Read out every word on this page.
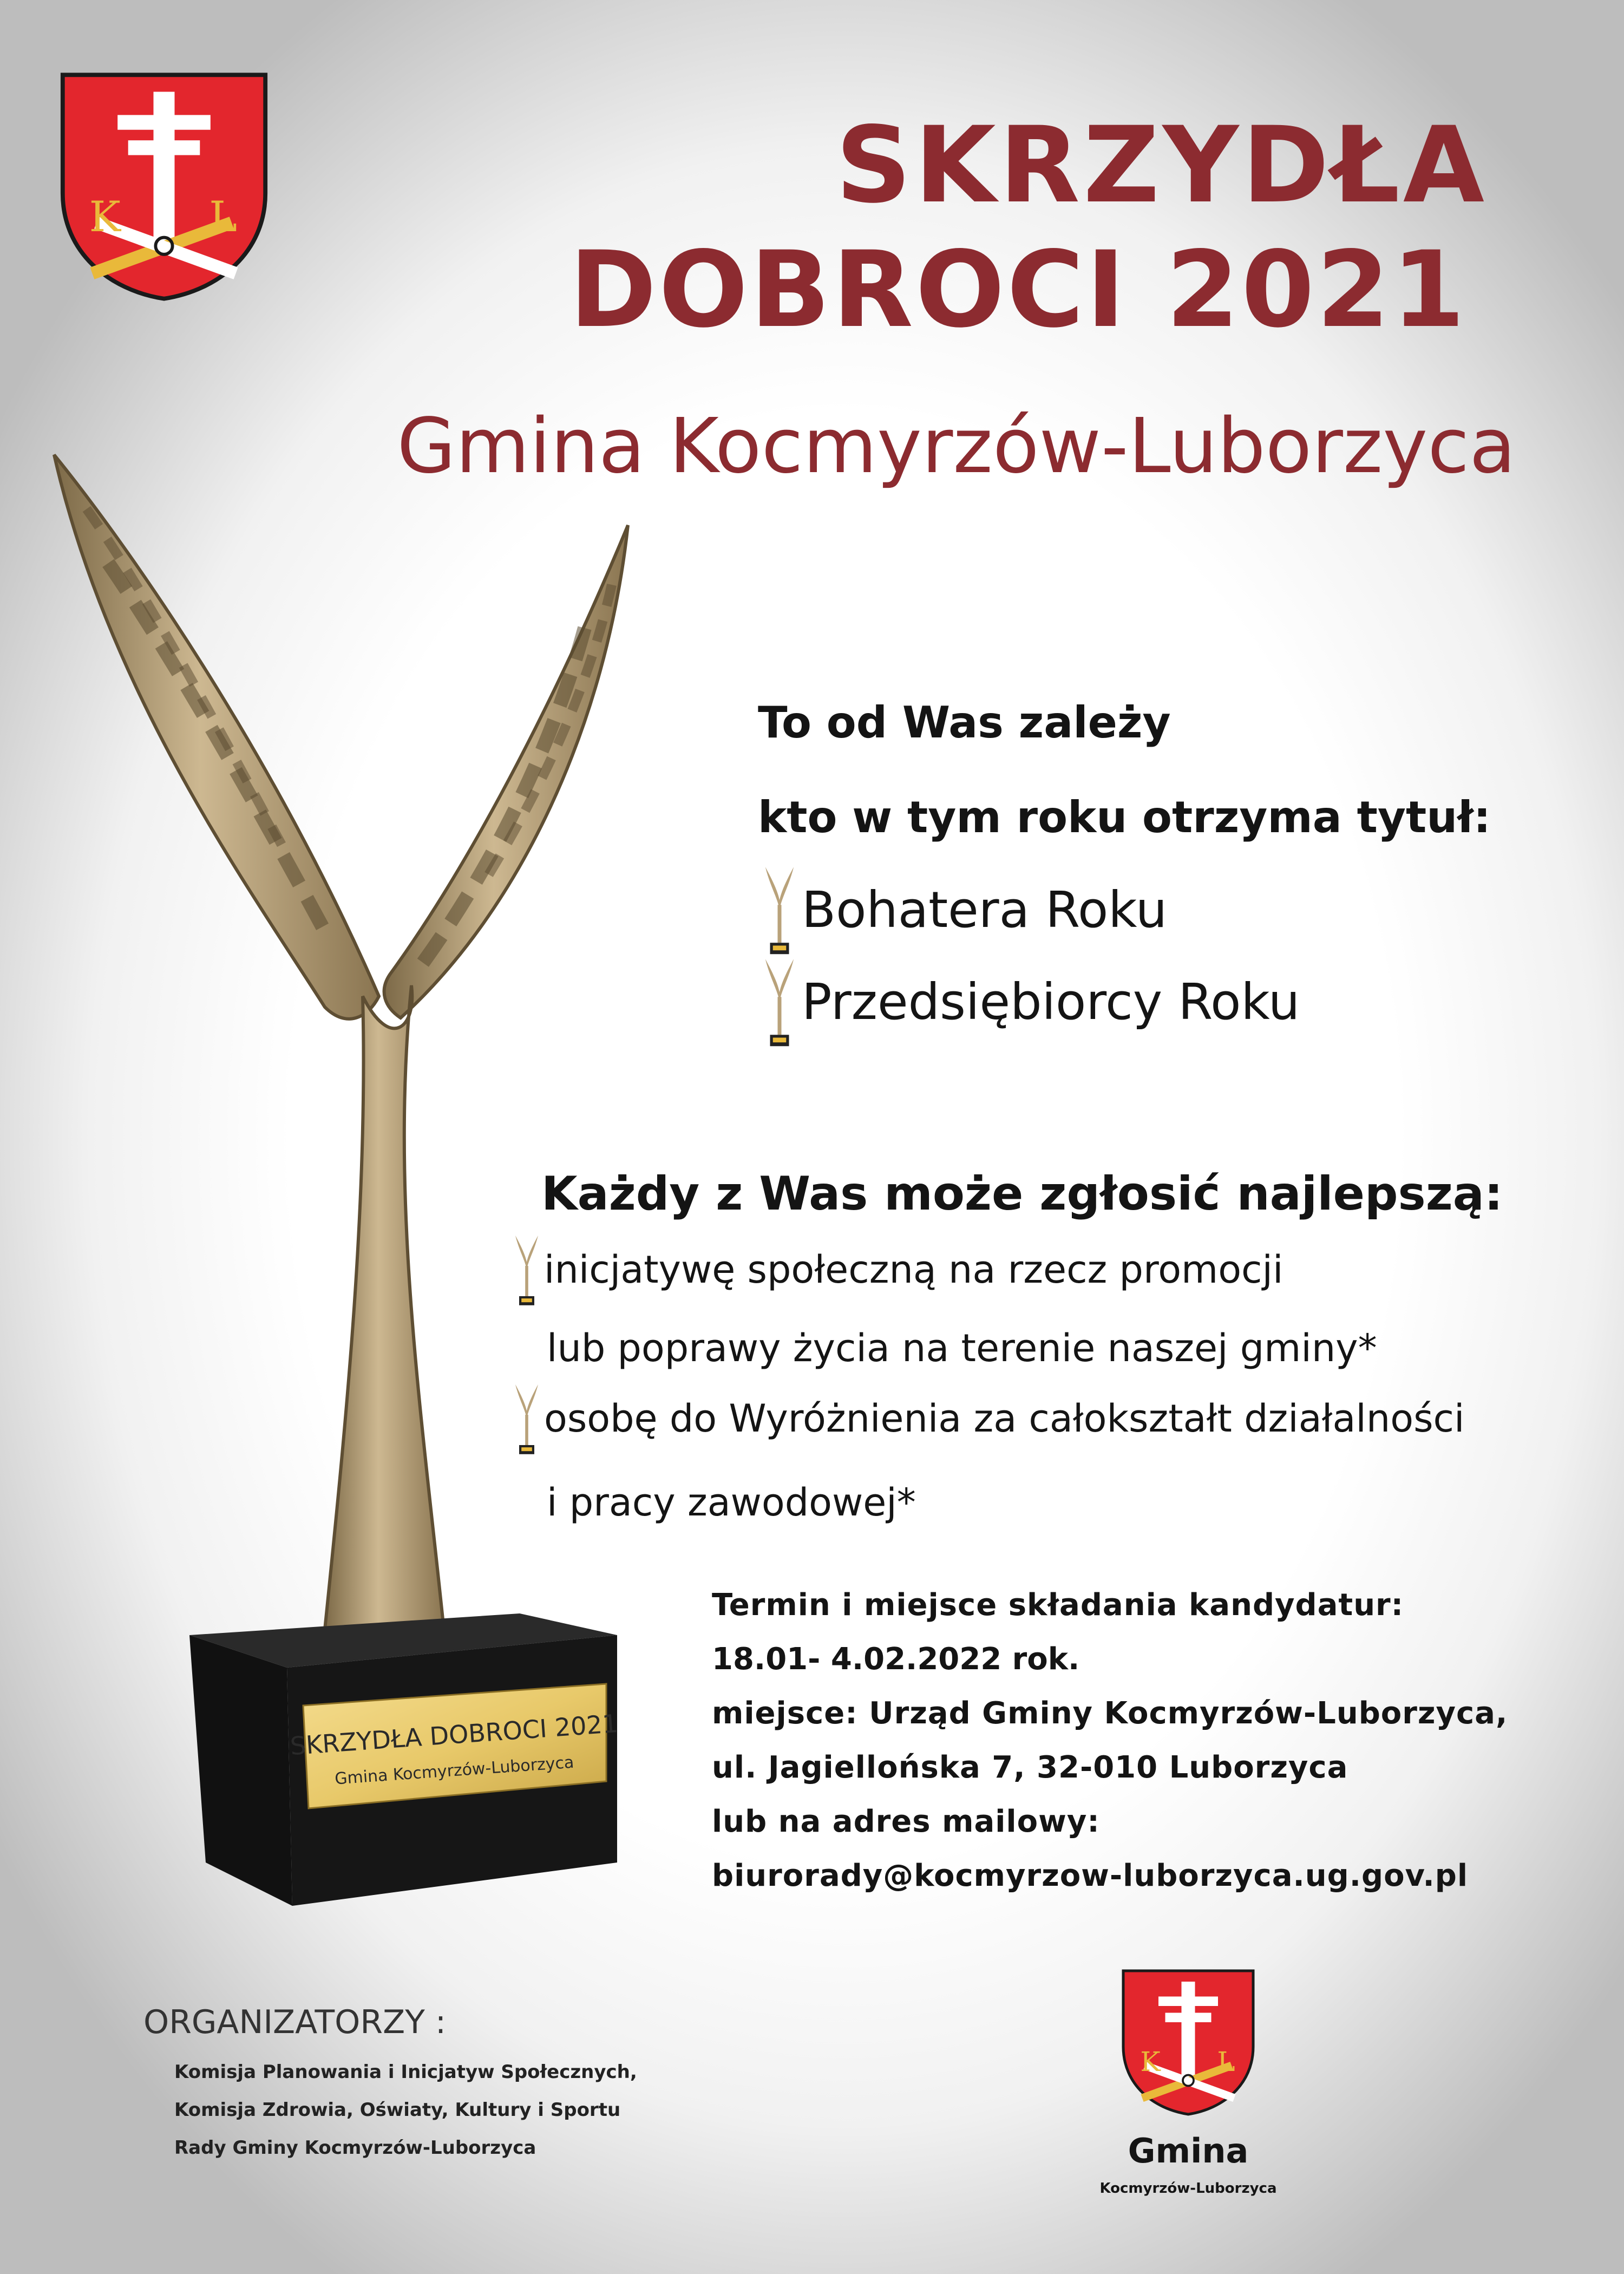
K	L	SKRZYDŁA
DOBROCI 2021
Gmina Kocmyrzów-Luborzyca
SKRZYDŁA DOBROCI 2021
Gmina Kocmyrzów-Luborzyca
To od Was zależy
kto w tym roku otrzyma tytuł:
Bohatera Roku
Przedsiębiorcy Roku
Każdy z Was może zgłosić najlepszą:
inicjatywę społeczną na rzecz promocji
lub poprawy życia na terenie naszej gminy*
osobę do Wyróżnienia za całokształt działalności
i pracy zawodowej*
Termin i miejsce składania kandydatur:
18.01- 4.02.2022 rok.
miejsce: Urząd Gminy Kocmyrzów-Luborzyca,
ul. Jagiellońska 7, 32-010 Luborzyca
lub na adres mailowy:
biurorady@kocmyrzow-luborzyca.ug.gov.pl
ORGANIZATORZY :
Komisja Planowania i Inicjatyw Społecznych,
Komisja Zdrowia, Oświaty, Kultury i Sportu
Rady Gminy Kocmyrzów-Luborzyca
K	L
Gmina
Kocmyrzów-Luborzyca
